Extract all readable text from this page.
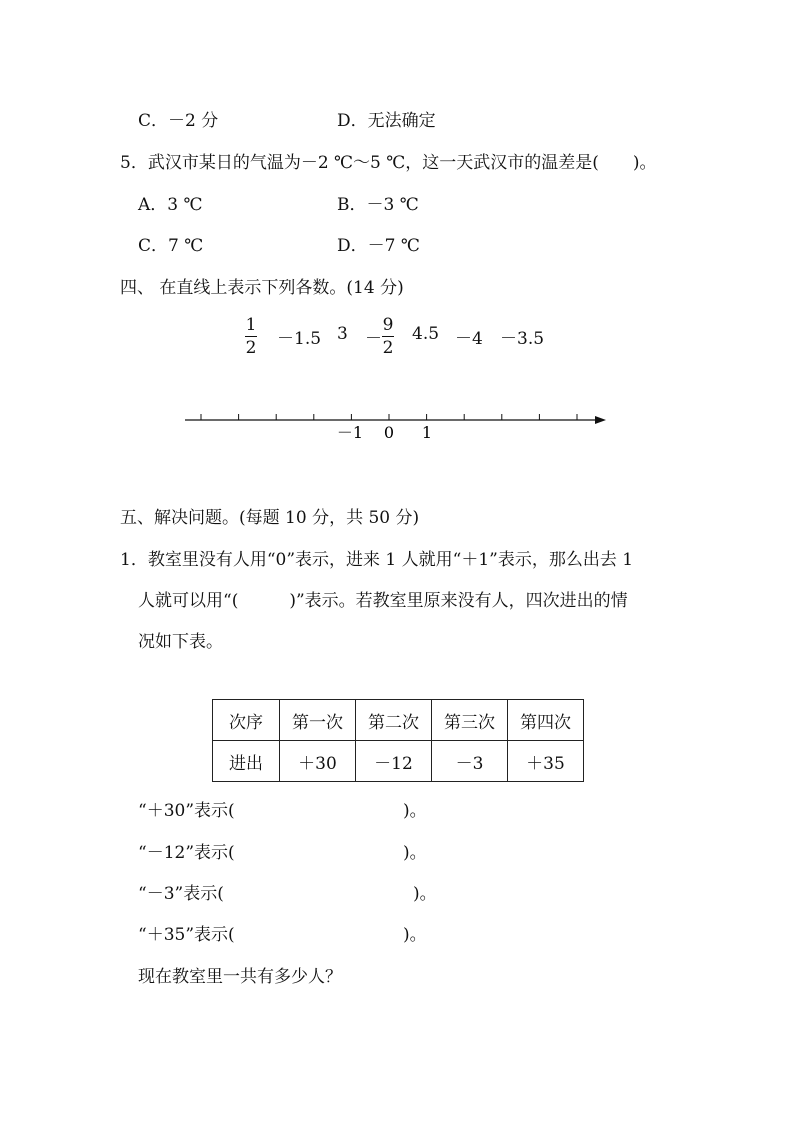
C．－2 分	D．无法确定
5．武汉市某日的气温为－2 ℃～5 ℃，这一天武汉市的温差是(　　)。
A．3 ℃	B．－3 ℃
C．7 ℃	D．－7 ℃
四、 在直线上表示下列各数。(14 分)
1
2 －1.5 3 －
9
2
4.5 －4 －3.5
－1 0 1
五、解决问题。(每题 10 分，共 50 分)
1．教室里没有人用“0”表示，进来 1 人就用“＋1”表示，那么出去 1
人就可以用“(　　　)”表示。若教室里原来没有人，四次进出的情
况如下表。
次序	第一次	第二次	第三次	第四次
进出	＋30	－12	－3	＋35
“＋30”表示(	)。
“－12”表示(	)。
“－3”表示(	)。
“＋35”表示(	)。
现在教室里一共有多少人？
